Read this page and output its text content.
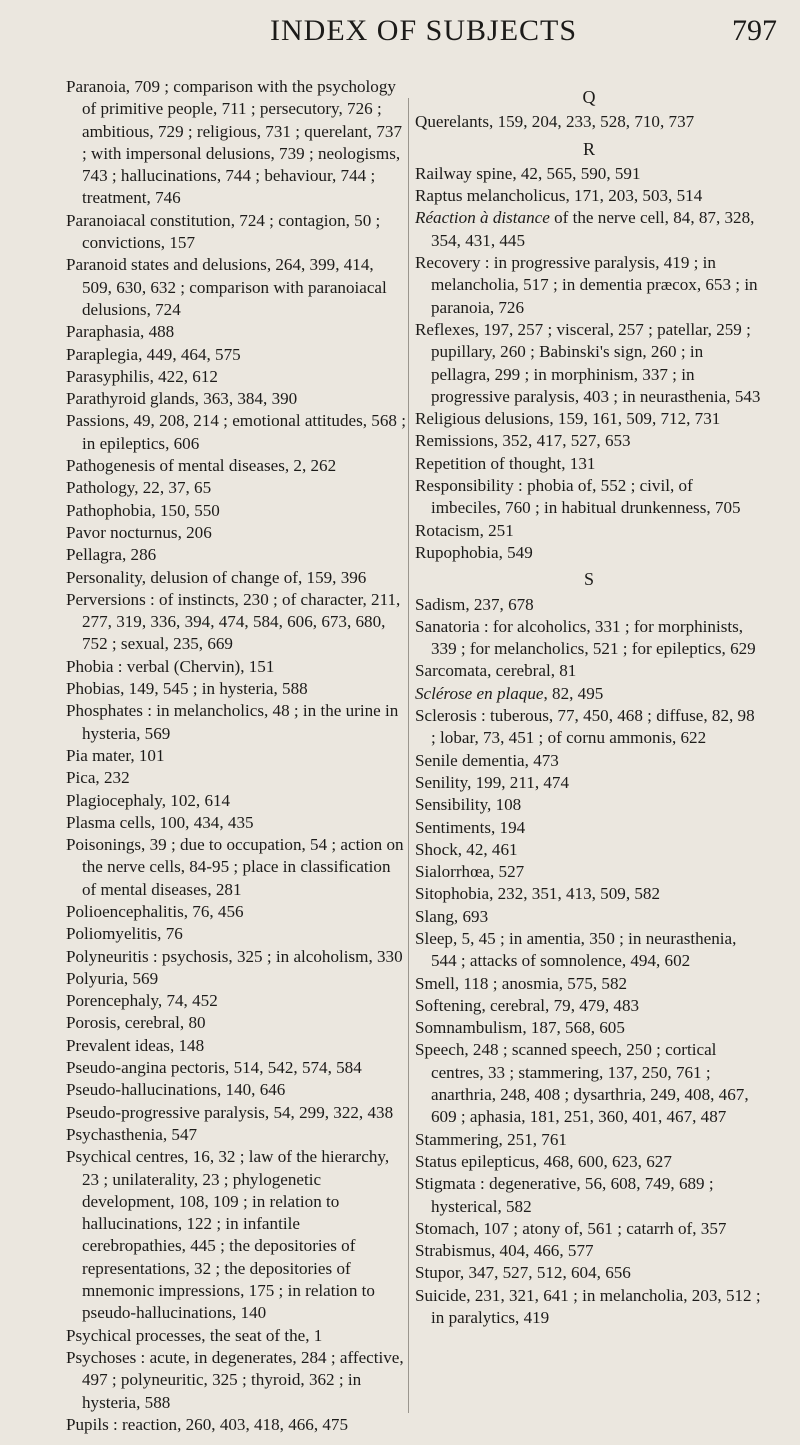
INDEX OF SUBJECTS	797

Paranoia, 709 ; comparison with the psychology of primitive people, 711 ; persecutory, 726 ; ambitious, 729 ; religious, 731 ; querelant, 737 ; with impersonal delusions, 739 ; neologisms, 743 ; hallucinations, 744 ; behaviour, 744 ; treatment, 746

Paranoiacal constitution, 724 ; contagion, 50 ; convictions, 157

Paranoid states and delusions, 264, 399, 414, 509, 630, 632 ; comparison with paranoiacal delusions, 724

Paraphasia, 488

Paraplegia, 449, 464, 575

Parasyphilis, 422, 612

Parathyroid glands, 363, 384, 390

Passions, 49, 208, 214 ; emotional attitudes, 568 ; in epileptics, 606

Pathogenesis of mental diseases, 2, 262

Pathology, 22, 37, 65

Pathophobia, 150, 550

Pavor nocturnus, 206

Pellagra, 286

Personality, delusion of change of, 159, 396

Perversions : of instincts, 230 ; of character, 211, 277, 319, 336, 394, 474, 584, 606, 673, 680, 752 ; sexual, 235, 669

Phobia : verbal (Chervin), 151

Phobias, 149, 545 ; in hysteria, 588

Phosphates : in melancholics, 48 ; in the urine in hysteria, 569

Pia mater, 101

Pica, 232

Plagiocephaly, 102, 614

Plasma cells, 100, 434, 435

Poisonings, 39 ; due to occupation, 54 ; action on the nerve cells, 84-95 ; place in classification of mental diseases, 281

Polioencephalitis, 76, 456

Poliomyelitis, 76

Polyneuritis : psychosis, 325 ; in alcoholism, 330

Polyuria, 569

Porencephaly, 74, 452

Porosis, cerebral, 80

Prevalent ideas, 148

Pseudo-angina pectoris, 514, 542, 574, 584

Pseudo-hallucinations, 140, 646

Pseudo-progressive paralysis, 54, 299, 322, 438

Psychasthenia, 547

Psychical centres, 16, 32 ; law of the hierarchy, 23 ; unilaterality, 23 ; phylogenetic development, 108, 109 ; in relation to hallucinations, 122 ; in infantile cerebropathies, 445 ; the depositories of representations, 32 ; the depositories of mnemonic impressions, 175 ; in relation to pseudo-hallucinations, 140

Psychical processes, the seat of the, 1

Psychoses : acute, in degenerates, 284 ; affective, 497 ; polyneuritic, 325 ; thyroid, 362 ; in hysteria, 588

Pupils : reaction, 260, 403, 418, 466, 475

Q

Querelants, 159, 204, 233, 528, 710, 737

R

Railway spine, 42, 565, 590, 591

Raptus melancholicus, 171, 203, 503, 514

Réaction à distance of the nerve cell, 84, 87, 328, 354, 431, 445

Recovery : in progressive paralysis, 419 ; in melancholia, 517 ; in dementia præcox, 653 ; in paranoia, 726

Reflexes, 197, 257 ; visceral, 257 ; patellar, 259 ; pupillary, 260 ; Babinski's sign, 260 ; in pellagra, 299 ; in morphinism, 337 ; in progressive paralysis, 403 ; in neurasthenia, 543

Religious delusions, 159, 161, 509, 712, 731

Remissions, 352, 417, 527, 653

Repetition of thought, 131

Responsibility : phobia of, 552 ; civil, of imbeciles, 760 ; in habitual drunkenness, 705

Rotacism, 251

Rupophobia, 549

S

Sadism, 237, 678

Sanatoria : for alcoholics, 331 ; for morphinists, 339 ; for melancholics, 521 ; for epileptics, 629

Sarcomata, cerebral, 81

Sclérose en plaque, 82, 495

Sclerosis : tuberous, 77, 450, 468 ; diffuse, 82, 98 ; lobar, 73, 451 ; of cornu ammonis, 622

Senile dementia, 473

Senility, 199, 211, 474

Sensibility, 108

Sentiments, 194

Shock, 42, 461

Sialorrhœa, 527

Sitophobia, 232, 351, 413, 509, 582

Slang, 693

Sleep, 5, 45 ; in amentia, 350 ; in neurasthenia, 544 ; attacks of somnolence, 494, 602

Smell, 118 ; anosmia, 575, 582

Softening, cerebral, 79, 479, 483

Somnambulism, 187, 568, 605

Speech, 248 ; scanned speech, 250 ; cortical centres, 33 ; stammering, 137, 250, 761 ; anarthria, 248, 408 ; dysarthria, 249, 408, 467, 609 ; aphasia, 181, 251, 360, 401, 467, 487

Stammering, 251, 761

Status epilepticus, 468, 600, 623, 627

Stigmata : degenerative, 56, 608, 749, 689 ; hysterical, 582

Stomach, 107 ; atony of, 561 ; catarrh of, 357

Strabismus, 404, 466, 577

Stupor, 347, 527, 512, 604, 656

Suicide, 231, 321, 641 ; in melancholia, 203, 512 ; in paralytics, 419
